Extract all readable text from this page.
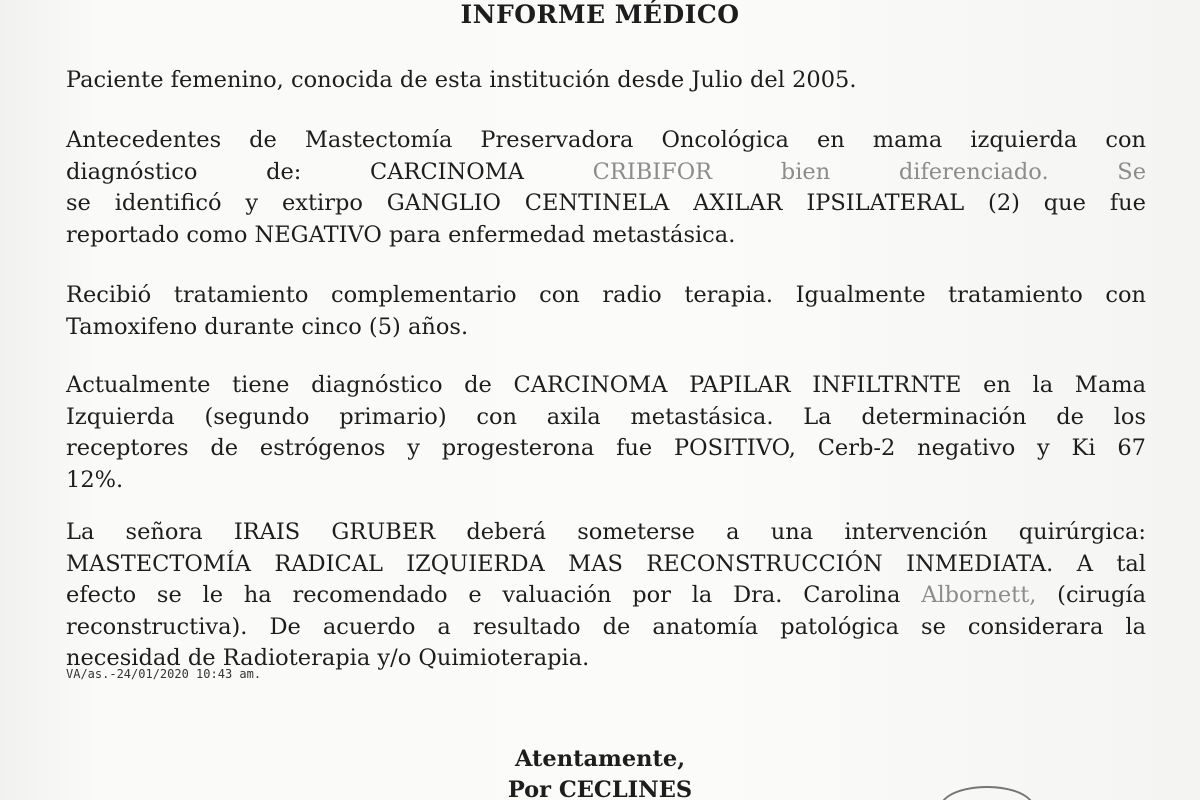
INFORME MÉDICO
Paciente femenino, conocida de esta institución desde Julio del 2005.
Antecedentes de Mastectomía Preservadora Oncológica en mama izquierda con
diagnóstico	de:	CARCINOMA	CRIBIFOR	bien	diferenciado.	Se
se identificó y extirpo GANGLIO CENTINELA AXILAR IPSILATERAL (2) que fue
reportado como NEGATIVO para enfermedad metastásica.
Recibió tratamiento complementario con radio terapia. Igualmente tratamiento con
Tamoxifeno durante cinco (5) años.
Actualmente tiene diagnóstico de CARCINOMA PAPILAR INFILTRNTE en la Mama
Izquierda (segundo primario) con axila metastásica. La determinación de los
receptores de estrógenos y progesterona fue POSITIVO, Cerb-2 negativo y Ki 67
12%.
La señora IRAIS GRUBER deberá someterse a una intervención quirúrgica:
MASTECTOMÍA RADICAL IZQUIERDA MAS RECONSTRUCCIÓN INMEDIATA. A tal
efecto se le ha recomendado e valuación por la Dra. Carolina Albornett, (cirugía
reconstructiva). De acuerdo a resultado de anatomía patológica se considerara la
necesidad de Radioterapia y/o Quimioterapia.
VA/as.-24/01/2020 10:43 am.
Atentamente,
Por CECLINES
